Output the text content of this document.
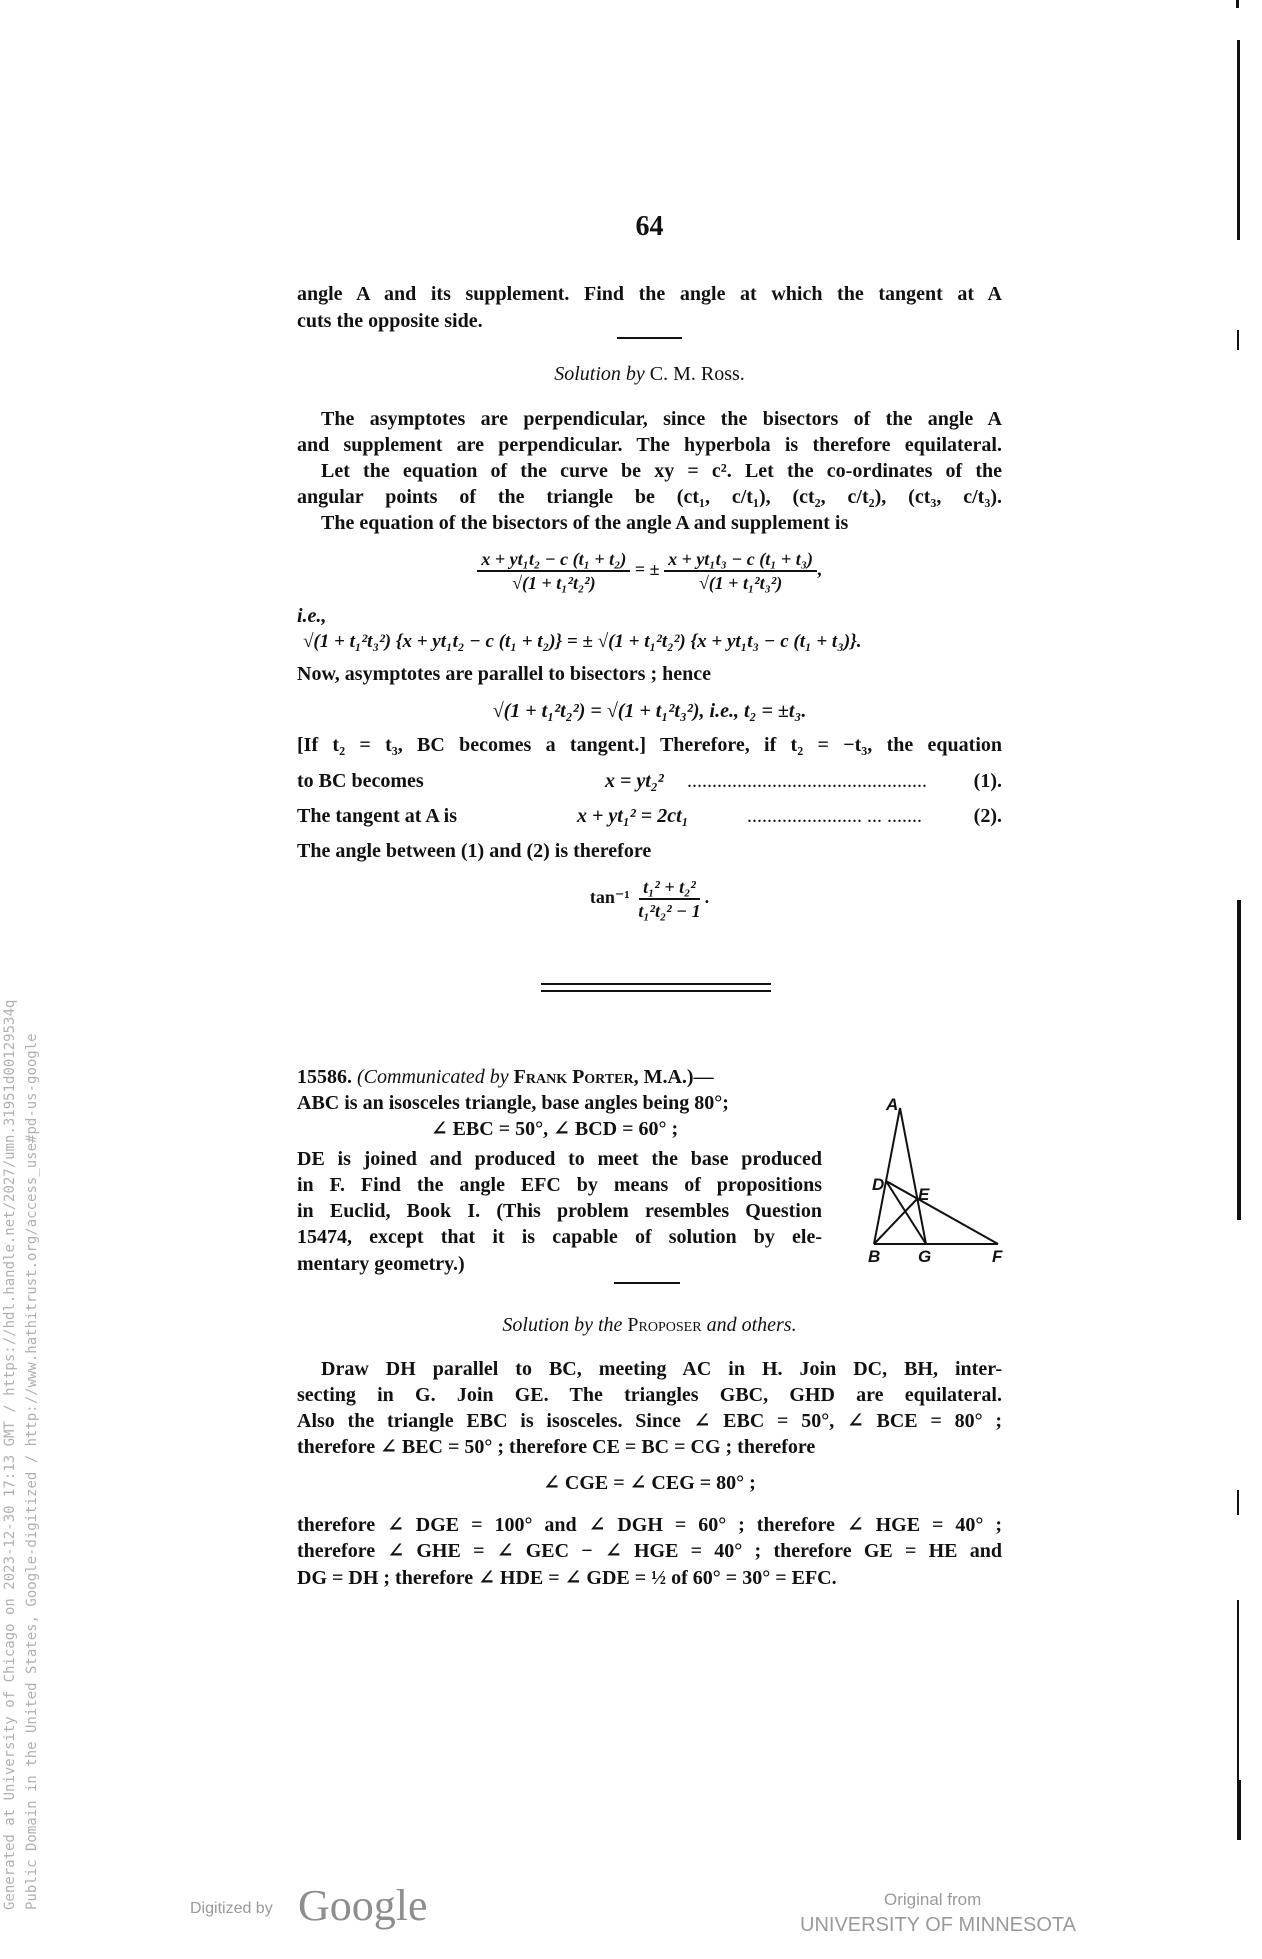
64
angle A and its supplement. Find the angle at which the tangent at A
cuts the opposite side.
Solution by C. M. Ross.
The asymptotes are perpendicular, since the bisectors of the angle A
and supplement are perpendicular. The hyperbola is therefore equilateral.
Let the equation of the curve be xy = c². Let the co-ordinates of the
angular points of the triangle be (ct₁, c/t₁), (ct₂, c/t₂), (ct₃, c/t₃).
The equation of the bisectors of the angle A and supplement is
$\frac{\text{x + yt₁t₂ − c (t₁ + t₂)}}{\text{√(1 + t₁²t₂²)}}$ = ± $\frac{\text{x + yt₁t₃ − c (t₁ + t₃)}}{\text{√(1 + t₁²t₃²)}}$ ,
i.e.,
√(1 + t₁²t₃²) {x + yt₁t₂ − c (t₁ + t₂)} = ± √(1 + t₁²t₂²) {x + yt₁t₃ − c (t₁ + t₃)}.
Now, asymptotes are parallel to bisectors ; hence
√(1 + t₁²t₂²) = √(1 + t₁²t₃²), i.e., t₂ = ±t₃.
[If t₂ = t₃, BC becomes a tangent.] Therefore, if t₂ = −t₃, the equation
to BC becomes	x = yt₂² ................................................ (1).
The tangent at A is	x + yt₁² = 2ct₁	....................... ... .......	(2).
The angle between (1) and (2) is therefore
$\tan^{-1} \frac{\text{t₁² + t₂²}}{\text{t₁²t₂² − 1}}$ .
15586. (Communicated by Frank Porter, M.A.)—
ABC is an isosceles triangle, base angles being 80°;
∠ EBC = 50°, ∠ BCD = 60° ;
DE is joined and produced to meet the base produced
in F. Find the angle EFC by means of propositions
in Euclid, Book I. (This problem resembles Question
15474, except that it is capable of solution by ele-
mentary geometry.)
A
D
E
B G	F
Solution by the Proposer and others.
Draw DH parallel to BC, meeting AC in H. Join DC, BH, inter-
secting in G. Join GE. The triangles GBC, GHD are equilateral.
Also the triangle EBC is isosceles. Since ∠ EBC = 50°, ∠ BCE = 80° ;
therefore ∠ BEC = 50° ; therefore CE = BC = CG ; therefore
∠ CGE = ∠ CEG = 80° ;
therefore ∠ DGE = 100° and ∠ DGH = 60° ; therefore ∠ HGE = 40° ;
therefore ∠ GHE = ∠ GEC − ∠ HGE = 40° ; therefore GE = HE and
DG = DH ; therefore ∠ HDE = ∠ GDE = ½ of 60° = 30° = EFC.
Generated at University of Chicago on 2023-12-30 17:13 GMT / https://hdl.handle.net/2027/umn.31951d00129534q Public Domain in the United States, Google-digitized / http://www.hathitrust.org/access_use#pd-us-google	Digitized by Google	Original from
UNIVERSITY OF MINNESOTA
